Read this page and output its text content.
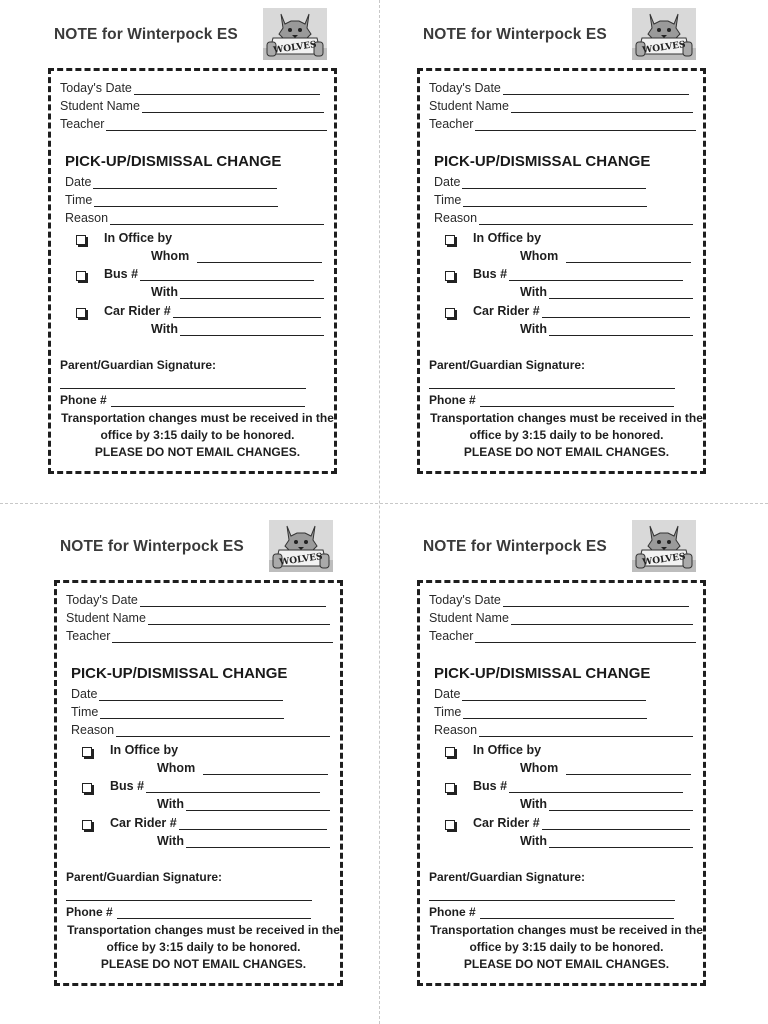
NOTE for Winterpock ES
WOLVES
Today's Date
Student Name
Teacher
PICK-UP/DISMISSAL CHANGE
Date
Time
Reason
In Office by
Whom
Bus #
With
Car Rider #
With
Parent/Guardian Signature:
Phone #
Transportation changes must be received in the
office by 3:15 daily to be honored.
PLEASE DO NOT EMAIL CHANGES.
NOTE for Winterpock ES
WOLVES
Today's Date
Student Name
Teacher
PICK-UP/DISMISSAL CHANGE
Date
Time
Reason
In Office by
Whom
Bus #
With
Car Rider #
With
Parent/Guardian Signature:
Phone #
Transportation changes must be received in the
office by 3:15 daily to be honored.
PLEASE DO NOT EMAIL CHANGES.
NOTE for Winterpock ES
WOLVES
Today's Date
Student Name
Teacher
PICK-UP/DISMISSAL CHANGE
Date
Time
Reason
In Office by
Whom
Bus #
With
Car Rider #
With
Parent/Guardian Signature:
Phone #
Transportation changes must be received in the
office by 3:15 daily to be honored.
PLEASE DO NOT EMAIL CHANGES.
NOTE for Winterpock ES
WOLVES
Today's Date
Student Name
Teacher
PICK-UP/DISMISSAL CHANGE
Date
Time
Reason
In Office by
Whom
Bus #
With
Car Rider #
With
Parent/Guardian Signature:
Phone #
Transportation changes must be received in the
office by 3:15 daily to be honored.
PLEASE DO NOT EMAIL CHANGES.
